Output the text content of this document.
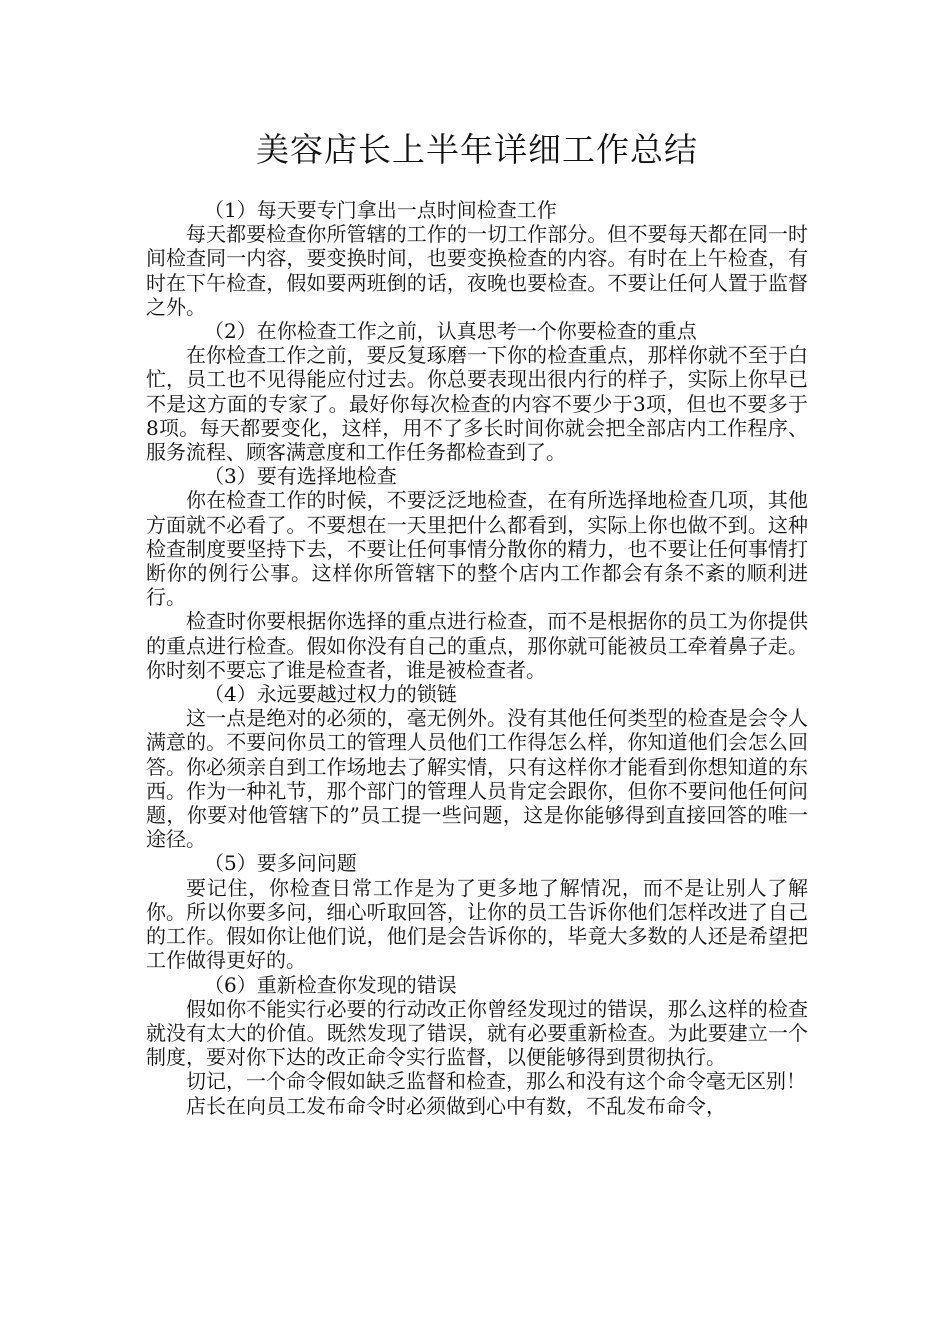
美容店长上半年详细工作总结

（1）每天要专门拿出一点时间检查工作

每天都要检查你所管辖的工作的一切工作部分。但不要每天都在同一时间检查同一内容，要变换时间，也要变换检查的内容。有时在上午检查，有时在下午检查，假如要两班倒的话，夜晚也要检查。不要让任何人置于监督之外。

（2）在你检查工作之前，认真思考一个你要检查的重点

在你检查工作之前，要反复琢磨一下你的检查重点，那样你就不至于白忙，员工也不见得能应付过去。你总要表现出很内行的样子，实际上你早已不是这方面的专家了。最好你每次检查的内容不要少于3项，但也不要多于8项。每天都要变化，这样，用不了多长时间你就会把全部店内工作程序、服务流程、顾客满意度和工作任务都检查到了。

（3）要有选择地检查

你在检查工作的时候，不要泛泛地检查，在有所选择地检查几项，其他方面就不必看了。不要想在一天里把什么都看到，实际上你也做不到。这种检查制度要坚持下去，不要让任何事情分散你的精力，也不要让任何事情打断你的例行公事。这样你所管辖下的整个店内工作都会有条不紊的顺利进行。

检查时你要根据你选择的重点进行检查，而不是根据你的员工为你提供的重点进行检查。假如你没有自己的重点，那你就可能被员工牵着鼻子走。你时刻不要忘了谁是检查者，谁是被检查者。

（4）永远要越过权力的锁链

这一点是绝对的必须的，毫无例外。没有其他任何类型的检查是会令人满意的。不要问你员工的管理人员他们工作得怎么样，你知道他们会怎么回答。你必须亲自到工作场地去了解实情，只有这样你才能看到你想知道的东西。作为一种礼节，那个部门的管理人员肯定会跟你，但你不要问他任何问题，你要对他管辖下的”员工提一些问题，这是你能够得到直接回答的唯一途径。

（5）要多问问题

要记住，你检查日常工作是为了更多地了解情况，而不是让别人了解你。所以你要多问，细心听取回答，让你的员工告诉你他们怎样改进了自己的工作。假如你让他们说，他们是会告诉你的，毕竟大多数的人还是希望把工作做得更好的。

（6）重新检查你发现的错误

假如你不能实行必要的行动改正你曾经发现过的错误，那么这样的检查就没有太大的价值。既然发现了错误，就有必要重新检查。为此要建立一个制度，要对你下达的改正命令实行监督，以便能够得到贯彻执行。

切记，一个命令假如缺乏监督和检查，那么和没有这个命令毫无区别！

店长在向员工发布命令时必须做到心中有数，不乱发布命令，
